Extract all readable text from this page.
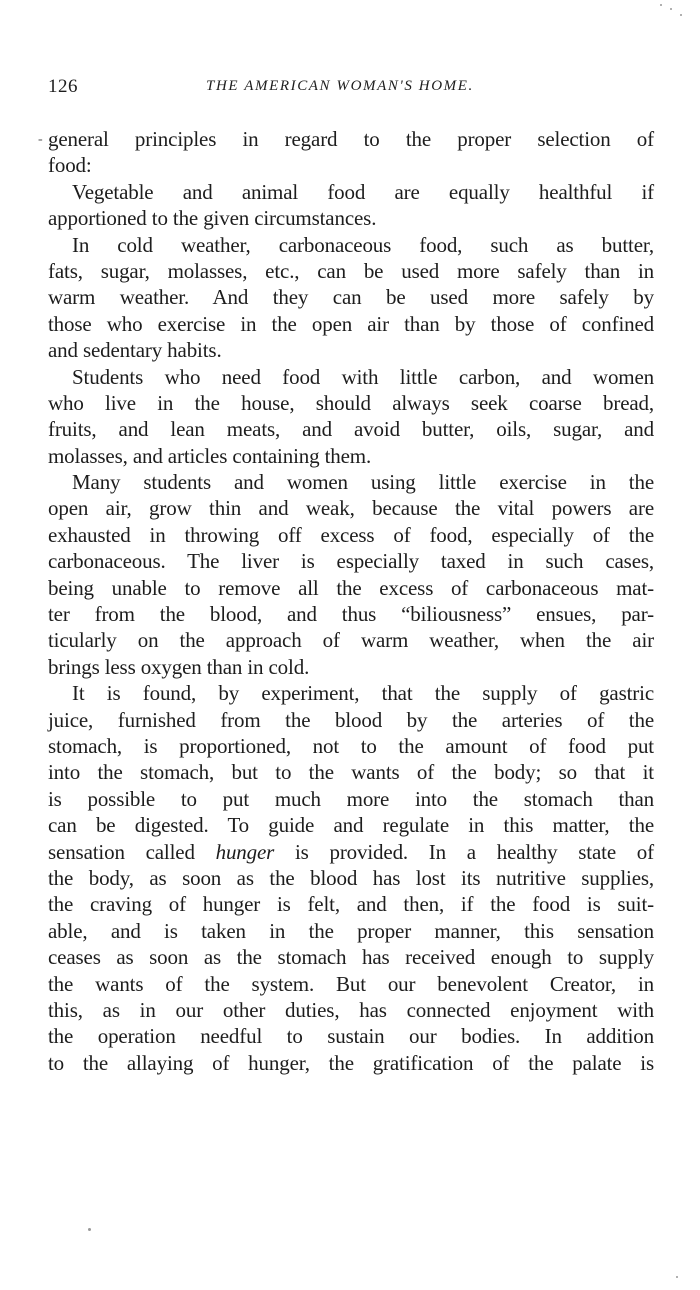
126	THE AMERICAN WOMAN'S HOME.
- general principles in regard to the proper selection of
food:
Vegetable and animal food are equally healthful if
apportioned to the given circumstances.
In cold weather, carbonaceous food, such as butter,
fats, sugar, molasses, etc., can be used more safely than in
warm weather. And they can be used more safely by
those who exercise in the open air than by those of confined
and sedentary habits.
Students who need food with little carbon, and women
who live in the house, should always seek coarse bread,
fruits, and lean meats, and avoid butter, oils, sugar, and
molasses, and articles containing them.
Many students and women using little exercise in the
open air, grow thin and weak, because the vital powers are
exhausted in throwing off excess of food, especially of the
carbonaceous. The liver is especially taxed in such cases,
being unable to remove all the excess of carbonaceous mat-
ter from the blood, and thus “biliousness” ensues, par-
ticularly on the approach of warm weather, when the air
brings less oxygen than in cold.
It is found, by experiment, that the supply of gastric
juice, furnished from the blood by the arteries of the
stomach, is proportioned, not to the amount of food put
into the stomach, but to the wants of the body; so that it
is possible to put much more into the stomach than
can be digested. To guide and regulate in this matter, the
sensation called hunger is provided. In a healthy state of
the body, as soon as the blood has lost its nutritive supplies,
the craving of hunger is felt, and then, if the food is suit-
able, and is taken in the proper manner, this sensation
ceases as soon as the stomach has received enough to supply
the wants of the system. But our benevolent Creator, in
this, as in our other duties, has connected enjoyment with
the operation needful to sustain our bodies. In addition
to the allaying of hunger, the gratification of the palate is
